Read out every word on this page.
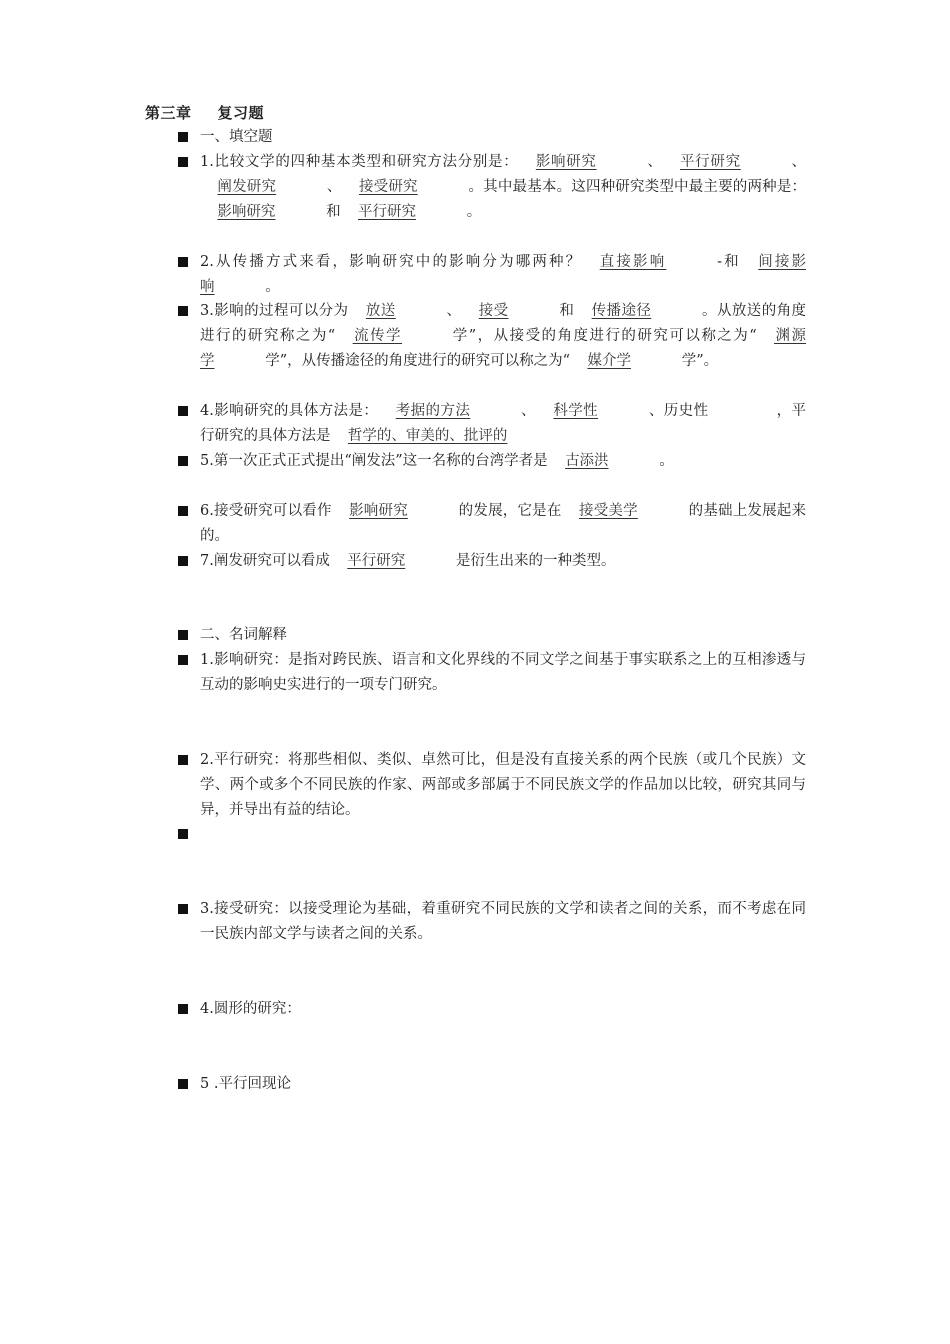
第三章 复习题
一、填空题
1.比较文学的四种基本类型和研究方法分别是： 影响研究	、 平行研究	、阐发研究	、 接受研究	。其中最基本。这四种研究类型中最主要的两种是：影响研究	和 平行研究	。
2.从传播方式来看，影响研究中的影响分为哪两种？ 直接影响	-和 间接影响	。
3.影响的过程可以分为 放送	、 接受	和 传播途径	。从放送的角度进行的研究称之为“ 流传学	学”，从接受的角度进行的研究可以称之为“ 渊源学	学”，从传播途径的角度进行的研究可以称之为“ 媒介学	学”。
4.影响研究的具体方法是： 考据的方法	、 科学性	、历史性	，平行研究的具体方法是 哲学的、审美的、批评的
5.第一次正式正式提出“阐发法”这一名称的台湾学者是 古添洪	。
6.接受研究可以看作 影响研究	的发展，它是在 接受美学	的基础上发展起来的。
7.阐发研究可以看成 平行研究	是衍生出来的一种类型。
二、名词解释
1.影响研究：是指对跨民族、语言和文化界线的不同文学之间基于事实联系之上的互相渗透与互动的影响史实进行的一项专门研究。
2.平行研究：将那些相似、类似、卓然可比，但是没有直接关系的两个民族（或几个民族）文学、两个或多个不同民族的作家、两部或多部属于不同民族文学的作品加以比较，研究其同与异，并导出有益的结论。
3.接受研究：以接受理论为基础，着重研究不同民族的文学和读者之间的关系，而不考虑在同一民族内部文学与读者之间的关系。
4.圆形的研究：
5 .平行回现论
